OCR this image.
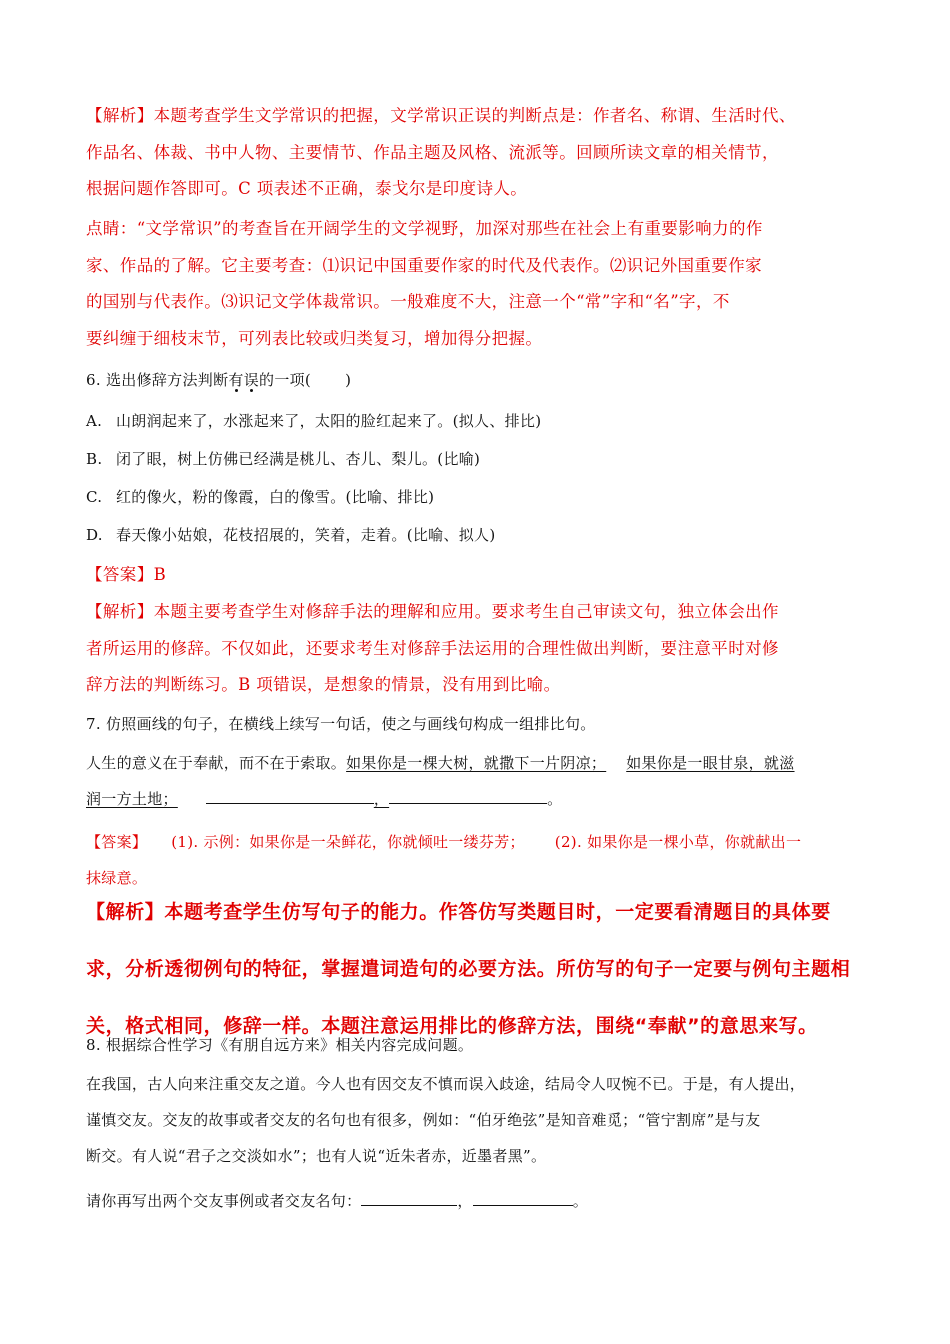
【解析】本题考查学生文学常识的把握，文学常识正误的判断点是：作者名、称谓、生活时代、
作品名、体裁、书中人物、主要情节、作品主题及风格、流派等。回顾所读文章的相关情节，
根据问题作答即可。C 项表述不正确，泰戈尔是印度诗人。
点睛：“文学常识”的考查旨在开阔学生的文学视野，加深对那些在社会上有重要影响力的作
家、作品的了解。它主要考查：⑴识记中国重要作家的时代及代表作。⑵识记外国重要作家
的国别与代表作。⑶识记文学体裁常识。一般难度不大，注意一个“常”字和“名”字，不
要纠缠于细枝末节，可列表比较或归类复习，增加得分把握。
6. 选出修辞方法判断有误的一项( )
A. 山朗润起来了，水涨起来了，太阳的脸红起来了。(拟人、排比)
B. 闭了眼，树上仿佛已经满是桃儿、杏儿、梨儿。(比喻)
C. 红的像火，粉的像霞，白的像雪。(比喻、排比)
D. 春天像小姑娘，花枝招展的，笑着，走着。(比喻、拟人)
【答案】B
【解析】本题主要考查学生对修辞手法的理解和应用。要求考生自己审读文句，独立体会出作
者所运用的修辞。不仅如此，还要求考生对修辞手法运用的合理性做出判断，要注意平时对修
辞方法的判断练习。B 项错误，是想象的情景，没有用到比喻。
7. 仿照画线的句子，在横线上续写一句话，使之与画线句构成一组排比句。
人生的意义在于奉献，而不在于索取。如果你是一棵大树，就撒下一片阴凉； 如果你是一眼甘泉，就滋
润一方土地；	，	。
【答案】 (1). 示例：如果你是一朵鲜花，你就倾吐一缕芬芳； (2). 如果你是一棵小草，你就献出一
抹绿意。
【解析】本题考查学生仿写句子的能力。作答仿写类题目时，一定要看清题目的具体要
求，分析透彻例句的特征，掌握遣词造句的必要方法。所仿写的句子一定要与例句主题相
关，格式相同，修辞一样。本题注意运用排比的修辞方法，围绕“奉献”的意思来写。
8. 根据综合性学习《有朋自远方来》相关内容完成问题。
在我国，古人向来注重交友之道。今人也有因交友不慎而误入歧途，结局令人叹惋不已。于是，有人提出，
谨慎交友。交友的故事或者交友的名句也有很多，例如：“伯牙绝弦”是知音难觅；“管宁割席”是与友
断交。有人说“君子之交淡如水”；也有人说“近朱者赤，近墨者黑”。
请你再写出两个交友事例或者交友名句：	，	。
